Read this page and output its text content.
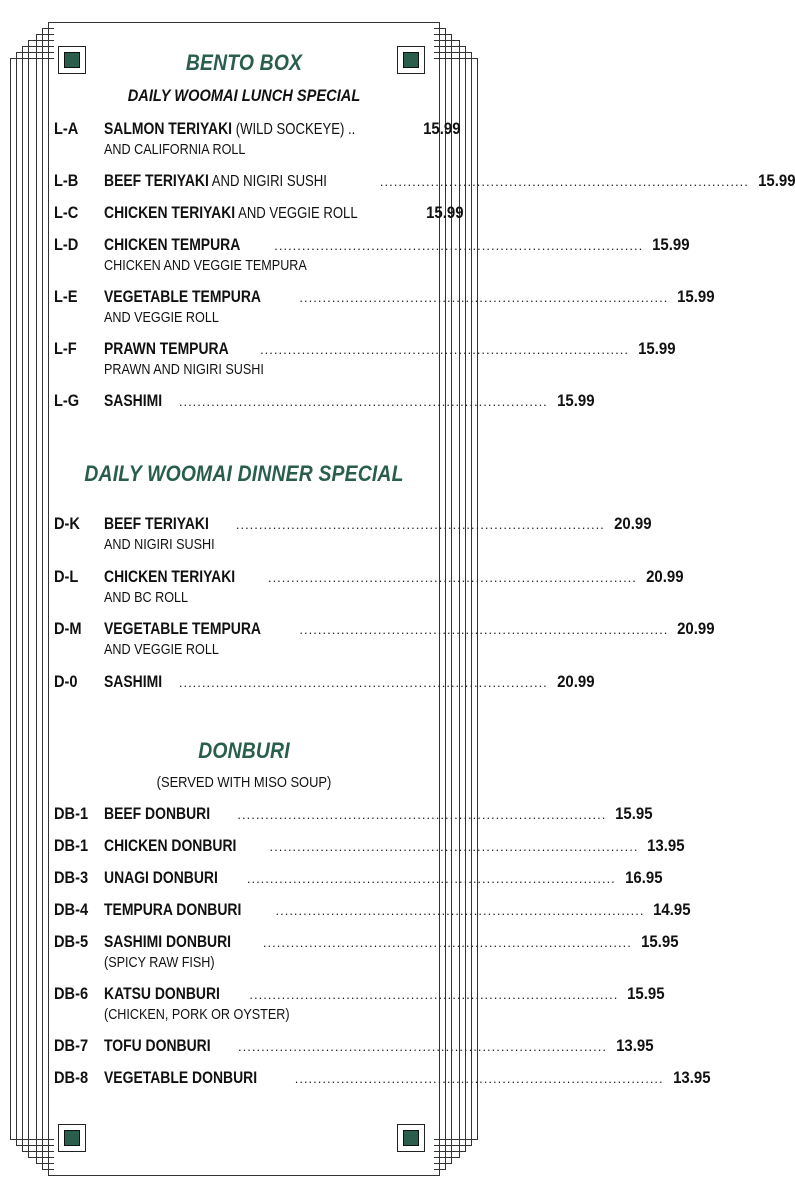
BENTO BOX
DAILY WOOMAI LUNCH SPECIAL
L-A	SALMON TERIYAKI (WILD SOCKEYE) ..	15.99
AND CALIFORNIA ROLL
L-B	BEEF TERIYAKI AND NIGIRI SUSHI	................................................................................ 15.99
L-C	CHICKEN TERIYAKI AND VEGGIE ROLL	15.99
L-D	CHICKEN TEMPURA	................................................................................ 15.99
CHICKEN AND VEGGIE TEMPURA
L-E	VEGETABLE TEMPURA	................................................................................ 15.99
AND VEGGIE ROLL
L-F	PRAWN TEMPURA ................................................................................ 15.99
PRAWN AND NIGIRI SUSHI
L-G	SASHIMI ................................................................................ 15.99
DAILY WOOMAI DINNER SPECIAL
D-K	BEEF TERIYAKI ................................................................................ 20.99
AND NIGIRI SUSHI
D-L	CHICKEN TERIYAKI	................................................................................ 20.99
AND BC ROLL
D-M	VEGETABLE TEMPURA	................................................................................ 20.99
AND VEGGIE ROLL
D-0	SASHIMI ................................................................................ 20.99
DONBURI
(SERVED WITH MISO SOUP)
DB-1 BEEF DONBURI ................................................................................ 15.95
DB-1 CHICKEN DONBURI	................................................................................ 13.95
DB-3 UNAGI DONBURI ................................................................................ 16.95
DB-4 TEMPURA DONBURI	................................................................................ 14.95
DB-5 SASHIMI DONBURI ................................................................................ 15.95
(SPICY RAW FISH)
DB-6 KATSU DONBURI ................................................................................ 15.95
(CHICKEN, PORK OR OYSTER)
DB-7 TOFU DONBURI ................................................................................ 13.95
DB-8 VEGETABLE DONBURI	................................................................................ 13.95
